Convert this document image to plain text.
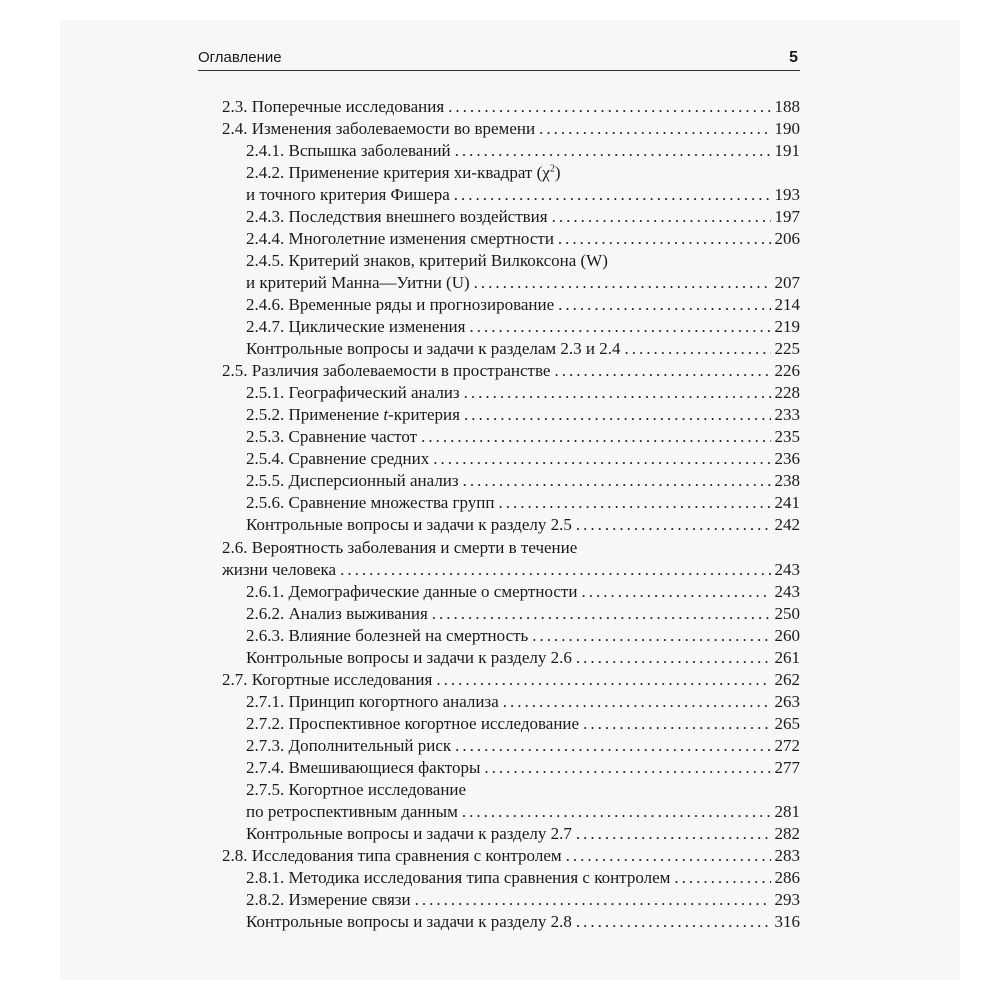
Оглавление	5
2.3. Поперечные исследования .....	188
2.4. Изменения заболеваемости во времени .....	190
2.4.1. Вспышка заболеваний .....	191
2.4.2. Применение критерия хи-квадрат $(\chi^2)$
и точного критерия Фишера .....	193
2.4.3. Последствия внешнего воздействия .....	197
2.4.4. Многолетние изменения смертности .....	206
2.4.5. Критерий знаков, критерий Вилкоксона (W)
и критерий Манна—Уитни (U) .....	207
2.4.6. Временные ряды и прогнозирование .....	214
2.4.7. Циклические изменения .....	219
Контрольные вопросы и задачи к разделам 2.3 и 2.4 .....	225
2.5. Различия заболеваемости в пространстве .....	226
2.5.1. Географический анализ .....	228
2.5.2. Применение t-критерия .....	233
2.5.3. Сравнение частот .....	235
2.5.4. Сравнение средних .....	236
2.5.5. Дисперсионный анализ .....	238
2.5.6. Сравнение множества групп .....	241
Контрольные вопросы и задачи к разделу 2.5 .....	242
2.6. Вероятность заболевания и смерти в течение
жизни человека .....	243
2.6.1. Демографические данные о смертности .....	243
2.6.2. Анализ выживания .....	250
2.6.3. Влияние болезней на смертность .....	260
Контрольные вопросы и задачи к разделу 2.6 .....	261
2.7. Когортные исследования .....	262
2.7.1. Принцип когортного анализа .....	263
2.7.2. Проспективное когортное исследование .....	265
2.7.3. Дополнительный риск .....	272
2.7.4. Вмешивающиеся факторы .....	277
2.7.5. Когортное исследование
по ретроспективным данным .....	281
Контрольные вопросы и задачи к разделу 2.7 .....	282
2.8. Исследования типа сравнения с контролем .....	283
2.8.1. Методика исследования типа сравнения с контролем .....	286
2.8.2. Измерение связи .....	293
Контрольные вопросы и задачи к разделу 2.8 .....	316
